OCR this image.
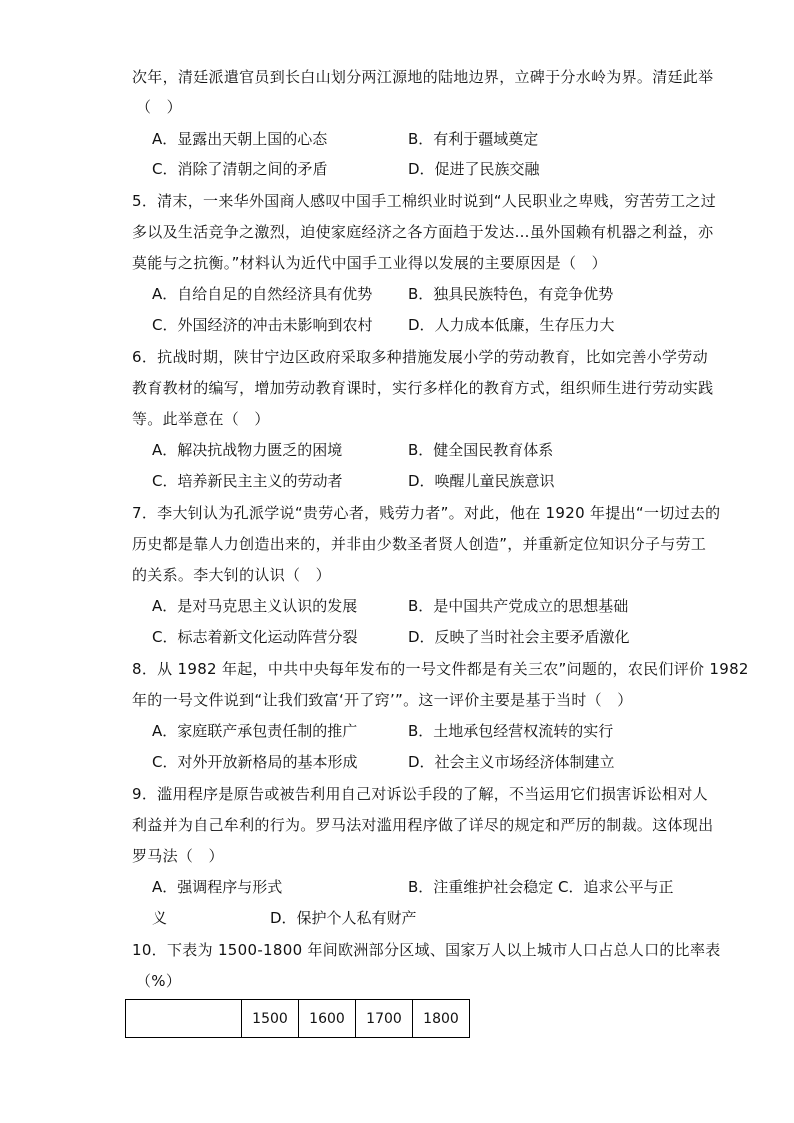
次年，清廷派遣官员到长白山划分两江源地的陆地边界，立碑于分水岭为界。清廷此举
（　）
A．显露出天朝上国的心态	B．有利于疆域奠定
C．消除了清朝之间的矛盾	D．促进了民族交融
5．清末，一来华外国商人感叹中国手工棉织业时说到“人民职业之卑贱，穷苦劳工之过
多以及生活竞争之激烈，迫使家庭经济之各方面趋于发达…虽外国赖有机器之利益，亦
莫能与之抗衡。”材料认为近代中国手工业得以发展的主要原因是（　）
A．自给自足的自然经济具有优势 B．独具民族特色，有竞争优势
C．外国经济的冲击未影响到农村 D．人力成本低廉，生存压力大
6．抗战时期，陕甘宁边区政府采取多种措施发展小学的劳动教育，比如完善小学劳动
教育教材的编写，增加劳动教育课时，实行多样化的教育方式，组织师生进行劳动实践
等。此举意在（　）
A．解决抗战物力匮乏的困境	B．健全国民教育体系
C．培养新民主主义的劳动者	D．唤醒儿童民族意识
7．李大钊认为孔派学说“贵劳心者，贱劳力者”。对此，他在 1920 年提出“一切过去的
历史都是靠人力创造出来的，并非由少数圣者贤人创造”，并重新定位知识分子与劳工
的关系。李大钊的认识（　）
A．是对马克思主义认识的发展	B．是中国共产党成立的思想基础
C．标志着新文化运动阵营分裂	D．反映了当时社会主要矛盾激化
8．从 1982 年起，中共中央每年发布的一号文件都是有关三农”问题的，农民们评价 1982
年的一号文件说到“让我们致富‘开了窍’”。这一评价主要是基于当时（　）
A．家庭联产承包责任制的推广	B．土地承包经营权流转的实行
C．对外开放新格局的基本形成	D．社会主义市场经济体制建立
9．滥用程序是原告或被告利用自己对诉讼手段的了解，不当运用它们损害诉讼相对人
利益并为自己牟利的行为。罗马法对滥用程序做了详尽的规定和严厉的制裁。这体现出
罗马法（　）
A．强调程序与形式	B．注重维护社会稳定 C．追求公平与正
义	D．保护个人私有财产
10．下表为 1500-1800 年间欧洲部分区域、国家万人以上城市人口占总人口的比率表
（%）
	1500	1600	1700	1800
